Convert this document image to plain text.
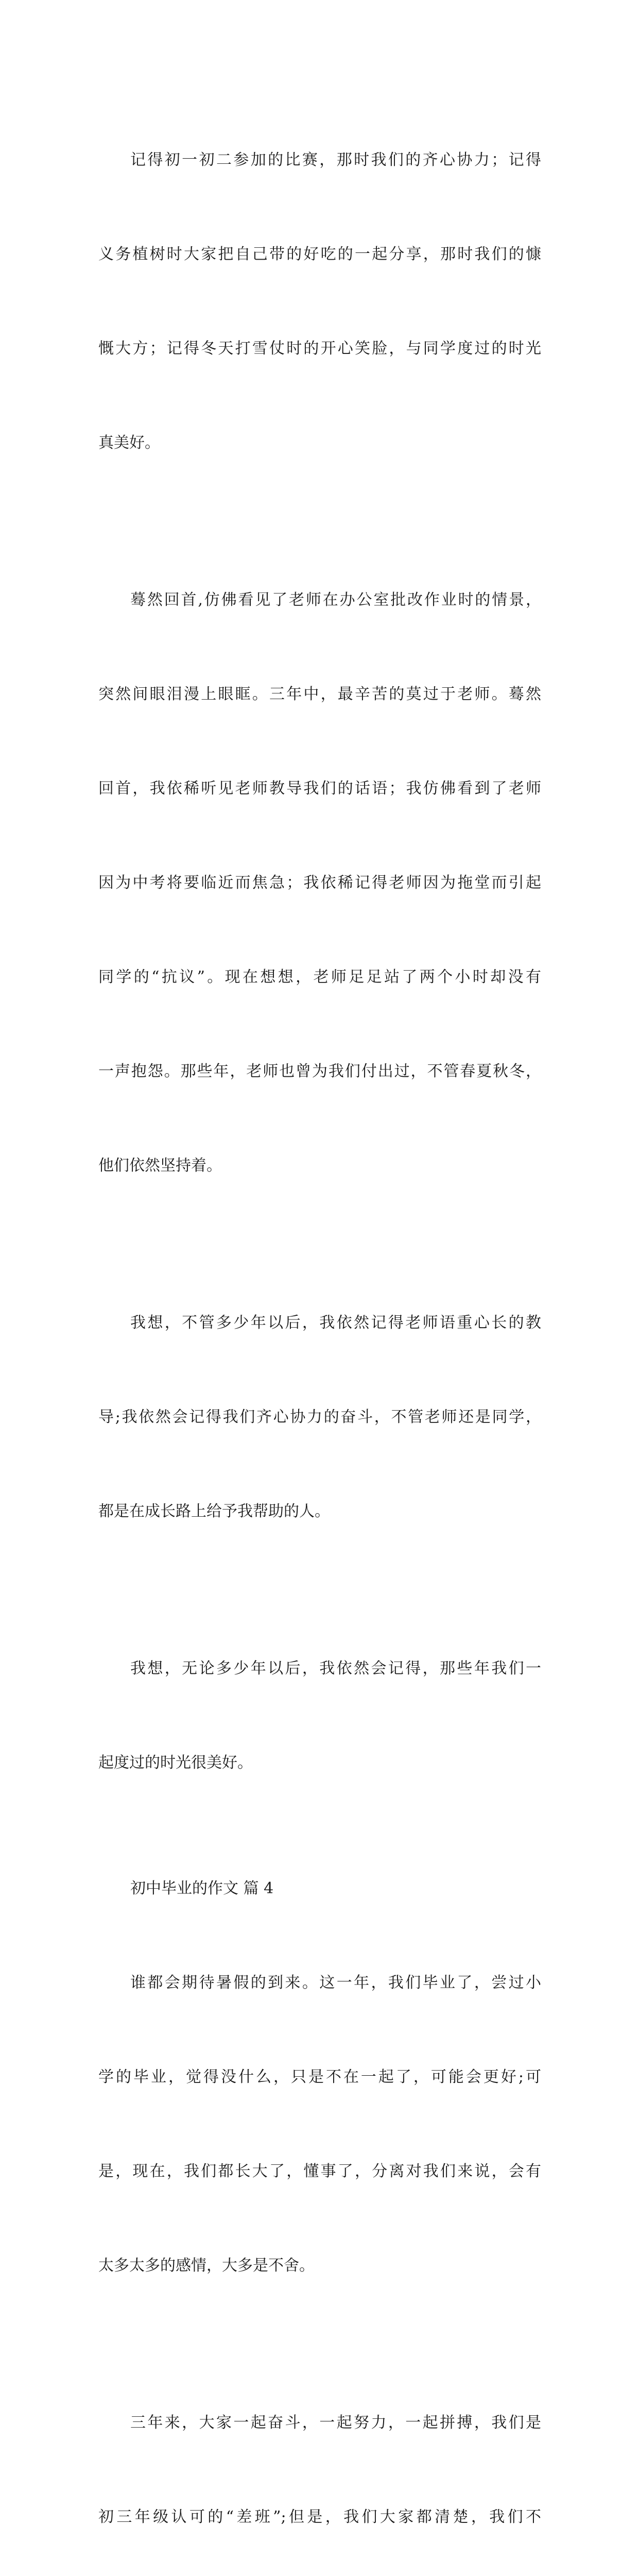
记得初一初二参加的比赛，那时我们的齐心协力；记得

义务植树时大家把自己带的好吃的一起分享，那时我们的慷

慨大方；记得冬天打雪仗时的开心笑脸，与同学度过的时光

真美好。

蓦然回首,仿佛看见了老师在办公室批改作业时的情景，

突然间眼泪漫上眼眶。三年中，最辛苦的莫过于老师。蓦然

回首，我依稀听见老师教导我们的话语；我仿佛看到了老师

因为中考将要临近而焦急；我依稀记得老师因为拖堂而引起

同学的“抗议”。现在想想，老师足足站了两个小时却没有

一声抱怨。那些年，老师也曾为我们付出过，不管春夏秋冬，

他们依然坚持着。

我想，不管多少年以后，我依然记得老师语重心长的教

导;我依然会记得我们齐心协力的奋斗，不管老师还是同学，

都是在成长路上给予我帮助的人。

我想，无论多少年以后，我依然会记得，那些年我们一

起度过的时光很美好。

初中毕业的作文 篇 4

谁都会期待暑假的到来。这一年，我们毕业了，尝过小

学的毕业，觉得没什么，只是不在一起了，可能会更好;可

是，现在，我们都长大了，懂事了，分离对我们来说，会有

太多太多的感情，大多是不舍。

三年来，大家一起奋斗，一起努力，一起拼搏，我们是

初三年级认可的“差班”;但是，我们大家都清楚，我们不
